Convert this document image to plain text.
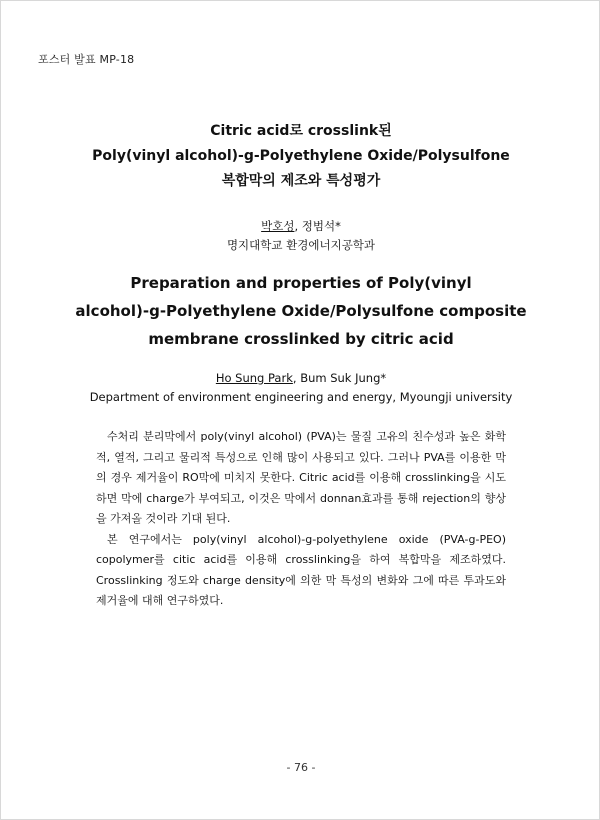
포스터 발표 MP-18
Citric acid로 crosslink된
Poly(vinyl alcohol)-g-Polyethylene Oxide/Polysulfone
복합막의 제조와 특성평가
박호성, 정범석*
명지대학교 환경에너지공학과
Preparation and properties of Poly(vinyl
alcohol)-g-Polyethylene Oxide/Polysulfone composite
membrane crosslinked by citric acid
Ho Sung Park, Bum Suk Jung*
Department of environment engineering and energy, Myoungji university

수처리 분리막에서 poly(vinyl alcohol) (PVA)는 물질 고유의 친수성과 높은 화학적, 열적, 그리고 물리적 특성으로 인해 많이 사용되고 있다. 그러나 PVA를 이용한 막의 경우 제거율이 RO막에 미치지 못한다. Citric acid를 이용해 crosslinking을 시도하면 막에 charge가 부여되고, 이것은 막에서 donnan효과를 통해 rejection의 향상을 가져올 것이라 기대 된다.

본 연구에서는 poly(vinyl alcohol)-g-polyethylene oxide (PVA-g-PEO) copolymer를 citic acid를 이용해 crosslinking을 하여 복합막을 제조하였다. Crosslinking 정도와 charge density에 의한 막 특성의 변화와 그에 따른 투과도와 제거율에 대해 연구하였다.

- 76 -
